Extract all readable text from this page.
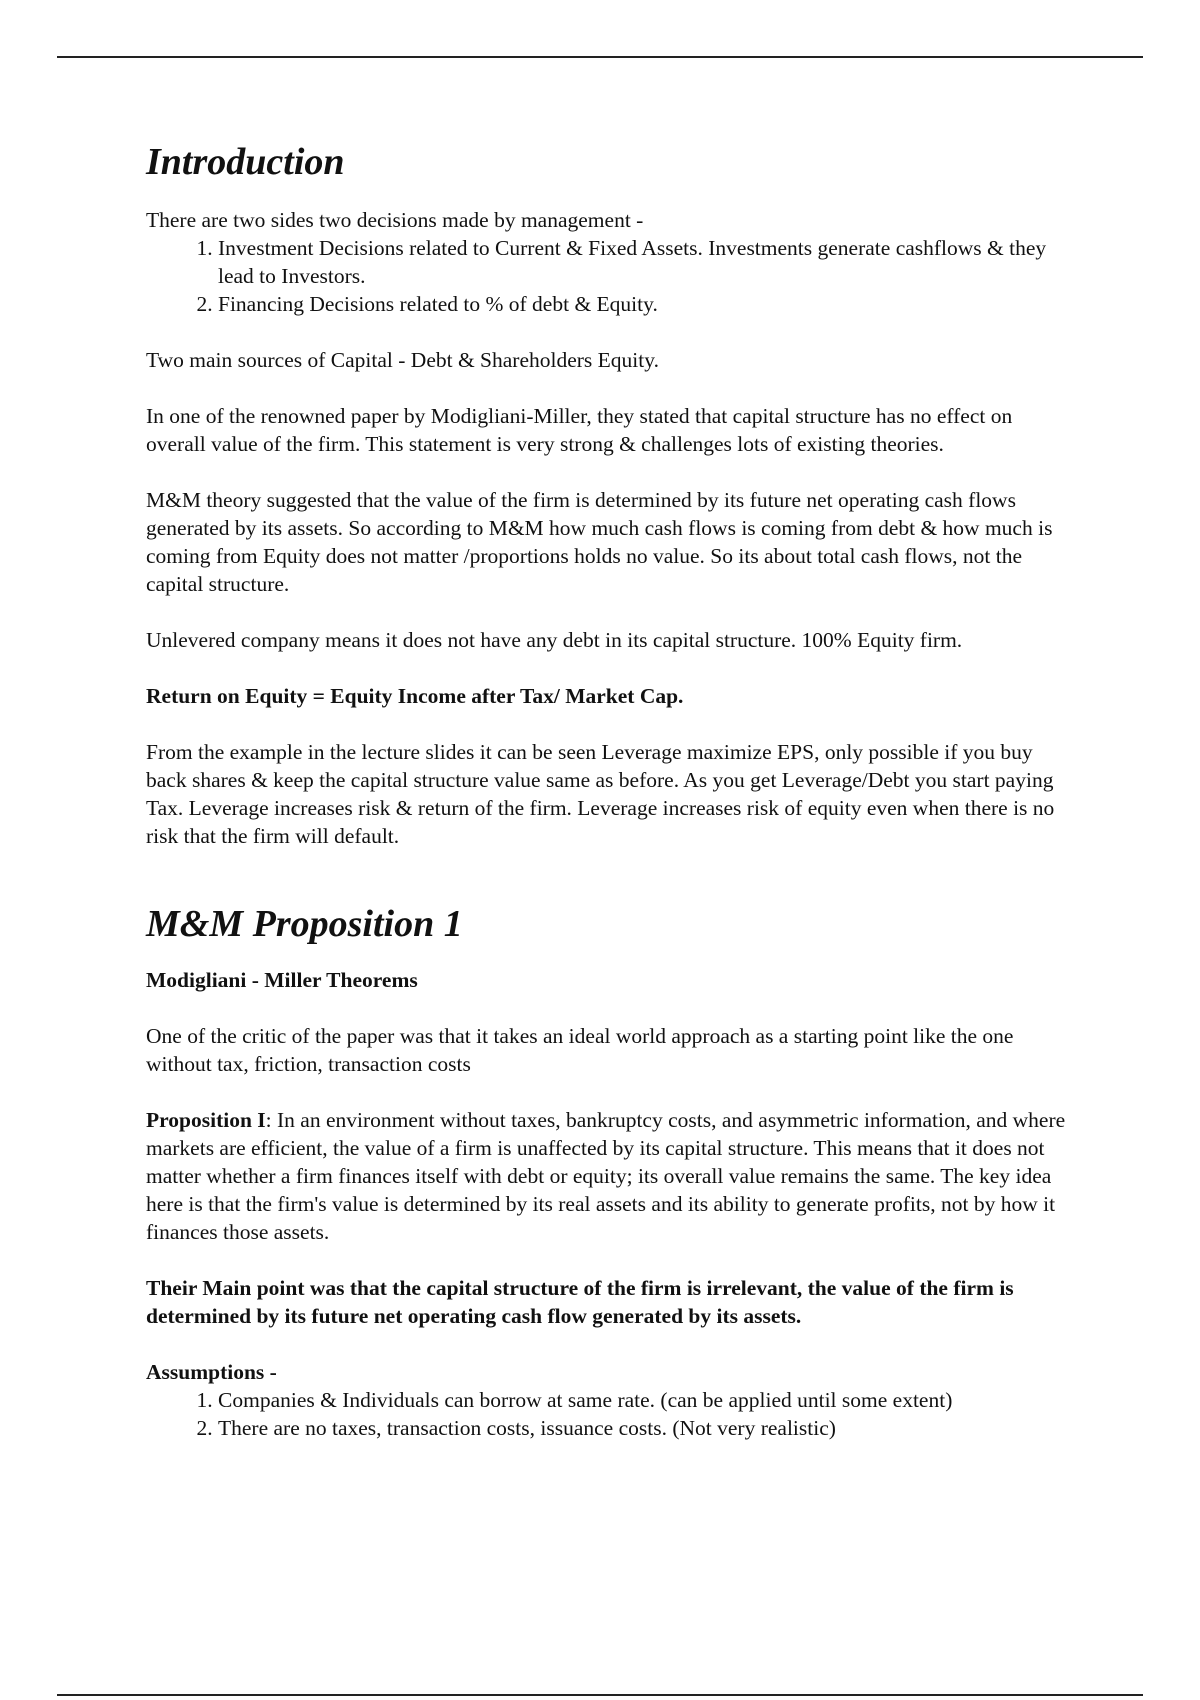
Introduction

There are two sides two decisions made by management -

1. Investment Decisions related to Current & Fixed Assets. Investments generate cashflows & they lead to Investors.
2. Financing Decisions related to % of debt & Equity.

Two main sources of Capital - Debt & Shareholders Equity.

In one of the renowned paper by Modigliani-Miller, they stated that capital structure has no effect on overall value of the firm. This statement is very strong & challenges lots of existing theories.

M&M theory suggested that the value of the firm is determined by its future net operating cash flows generated by its assets. So according to M&M how much cash flows is coming from debt & how much is coming from Equity does not matter /proportions holds no value. So its about total cash flows, not the capital structure.

Unlevered company means it does not have any debt in its capital structure. 100% Equity firm.

Return on Equity = Equity Income after Tax/ Market Cap.

From the example in the lecture slides it can be seen Leverage maximize EPS, only possible if you buy back shares & keep the capital structure value same as before. As you get Leverage/Debt you start paying Tax. Leverage increases risk & return of the firm. Leverage increases risk of equity even when there is no risk that the firm will default.

M&M Proposition 1

Modigliani - Miller Theorems

One of the critic of the paper was that it takes an ideal world approach as a starting point like the one without tax, friction, transaction costs

Proposition I: In an environment without taxes, bankruptcy costs, and asymmetric information, and where markets are efficient, the value of a firm is unaffected by its capital structure. This means that it does not matter whether a firm finances itself with debt or equity; its overall value remains the same. The key idea here is that the firm's value is determined by its real assets and its ability to generate profits, not by how it finances those assets.

Their Main point was that the capital structure of the firm is irrelevant, the value of the firm is determined by its future net operating cash flow generated by its assets.

Assumptions -

1. Companies & Individuals can borrow at same rate. (can be applied until some extent)
2. There are no taxes, transaction costs, issuance costs. (Not very realistic)
